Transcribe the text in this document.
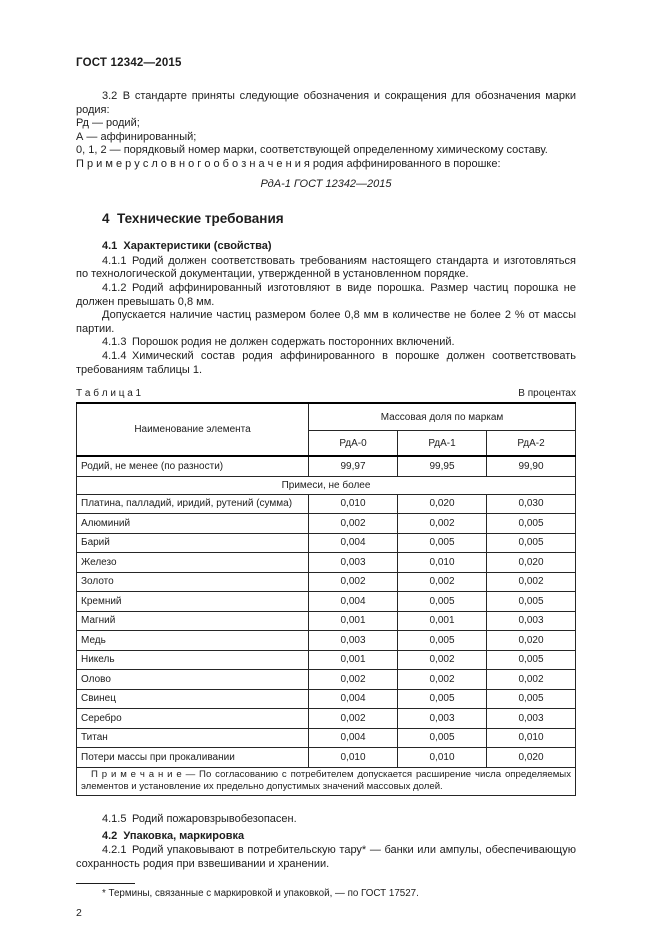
ГОСТ 12342—2015

3.2 В стандарте приняты следующие обозначения и сокращения для обозначения марки родия:

Рд — родий;

А — аффинированный;

0, 1, 2 — порядковый номер марки, соответствующей определенному химическому составу.

П р и м е р у с л о в н о г о о б о з н а ч е н и я родия аффинированного в порошке:

РдА-1 ГОСТ 12342—2015

4 Технические требования
4.1 Характеристики (свойства)

4.1.1 Родий должен соответствовать требованиям настоящего стандарта и изготовляться по технологической документации, утвержденной в установленном порядке.

4.1.2 Родий аффинированный изготовляют в виде порошка. Размер частиц порошка не должен превышать 0,8 мм.

Допускается наличие частиц размером более 0,8 мм в количестве не более 2 % от массы партии.

4.1.3 Порошок родия не должен содержать посторонних включений.

4.1.4 Химический состав родия аффинированного в порошке должен соответствовать требованиям таблицы 1.

Т а б л и ц а 1	В процентах
Наименование элемента	Массовая доля по маркам		
	РдА-0	РдА-1	РдА-2
Родий, не менее (по разности)	99,97	99,95	99,90
Примеси, не более			
Платина, палладий, иридий, рутений (сумма)	0,010	0,020	0,030
Алюминий	0,002	0,002	0,005
Барий	0,004	0,005	0,005
Железо	0,003	0,010	0,020
Золото	0,002	0,002	0,002
Кремний	0,004	0,005	0,005
Магний	0,001	0,001	0,003
Медь	0,003	0,005	0,020
Никель	0,001	0,002	0,005
Олово	0,002	0,002	0,002
Свинец	0,004	0,005	0,005
Серебро	0,002	0,003	0,003
Титан	0,004	0,005	0,010
Потери массы при прокаливании	0,010	0,010	0,020
П р и м е ч а н и е — По согласованию с потребителем допускается расширение числа определяемых элементов и установление их предельно допустимых значений массовых долей.			

4.1.5 Родий пожаровзрывобезопасен.

4.2 Упаковка, маркировка

4.2.1 Родий упаковывают в потребительскую тару* — банки или ампулы, обеспечивающую сохранность родия при взвешивании и хранении.

* Термины, связанные с маркировкой и упаковкой, — по ГОСТ 17527.

2
